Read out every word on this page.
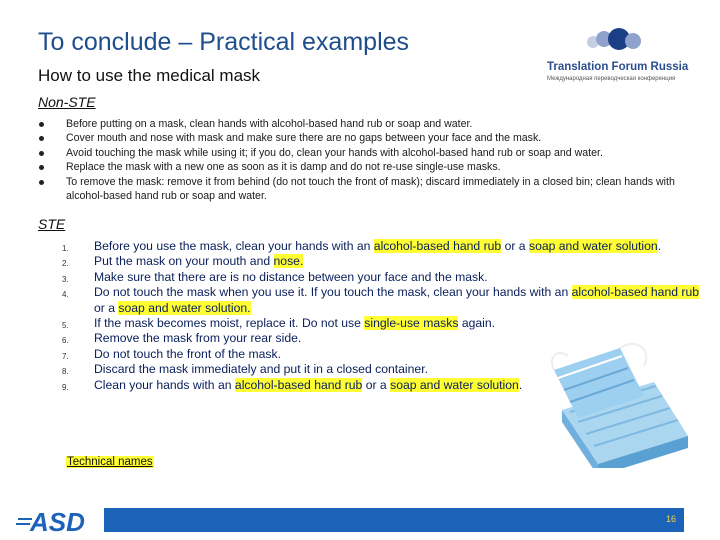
To conclude – Practical examples
Translation Forum Russia
Международная переводческая конференция
How to use the medical mask
Non-STE
Before putting on a mask, clean hands with alcohol-based hand rub or soap and water.
Cover mouth and nose with mask and make sure there are no gaps between your face and the mask.
Avoid touching the mask while using it; if you do, clean your hands with alcohol-based hand rub or soap and water.
Replace the mask with a new one as soon as it is damp and do not re-use single-use masks.
To remove the mask: remove it from behind (do not touch the front of mask); discard immediately in a closed bin; clean hands with alcohol-based hand rub or soap and water.
STE
1. Before you use the mask, clean your hands with an alcohol-based hand rub or a soap and water solution.
2. Put the mask on your mouth and nose.
3. Make sure that there are is no distance between your face and the mask.
4. Do not touch the mask when you use it. If you touch the mask, clean your hands with an alcohol-based hand rub or a soap and water solution.
5. If the mask becomes moist, replace it. Do not use single-use masks again.
6. Remove the mask from your rear side.
7. Do not touch the front of the mask.
8. Discard the mask immediately and put it in a closed container.
9. Clean your hands with an alcohol-based hand rub or a soap and water solution.
Technical names
ASD	16
